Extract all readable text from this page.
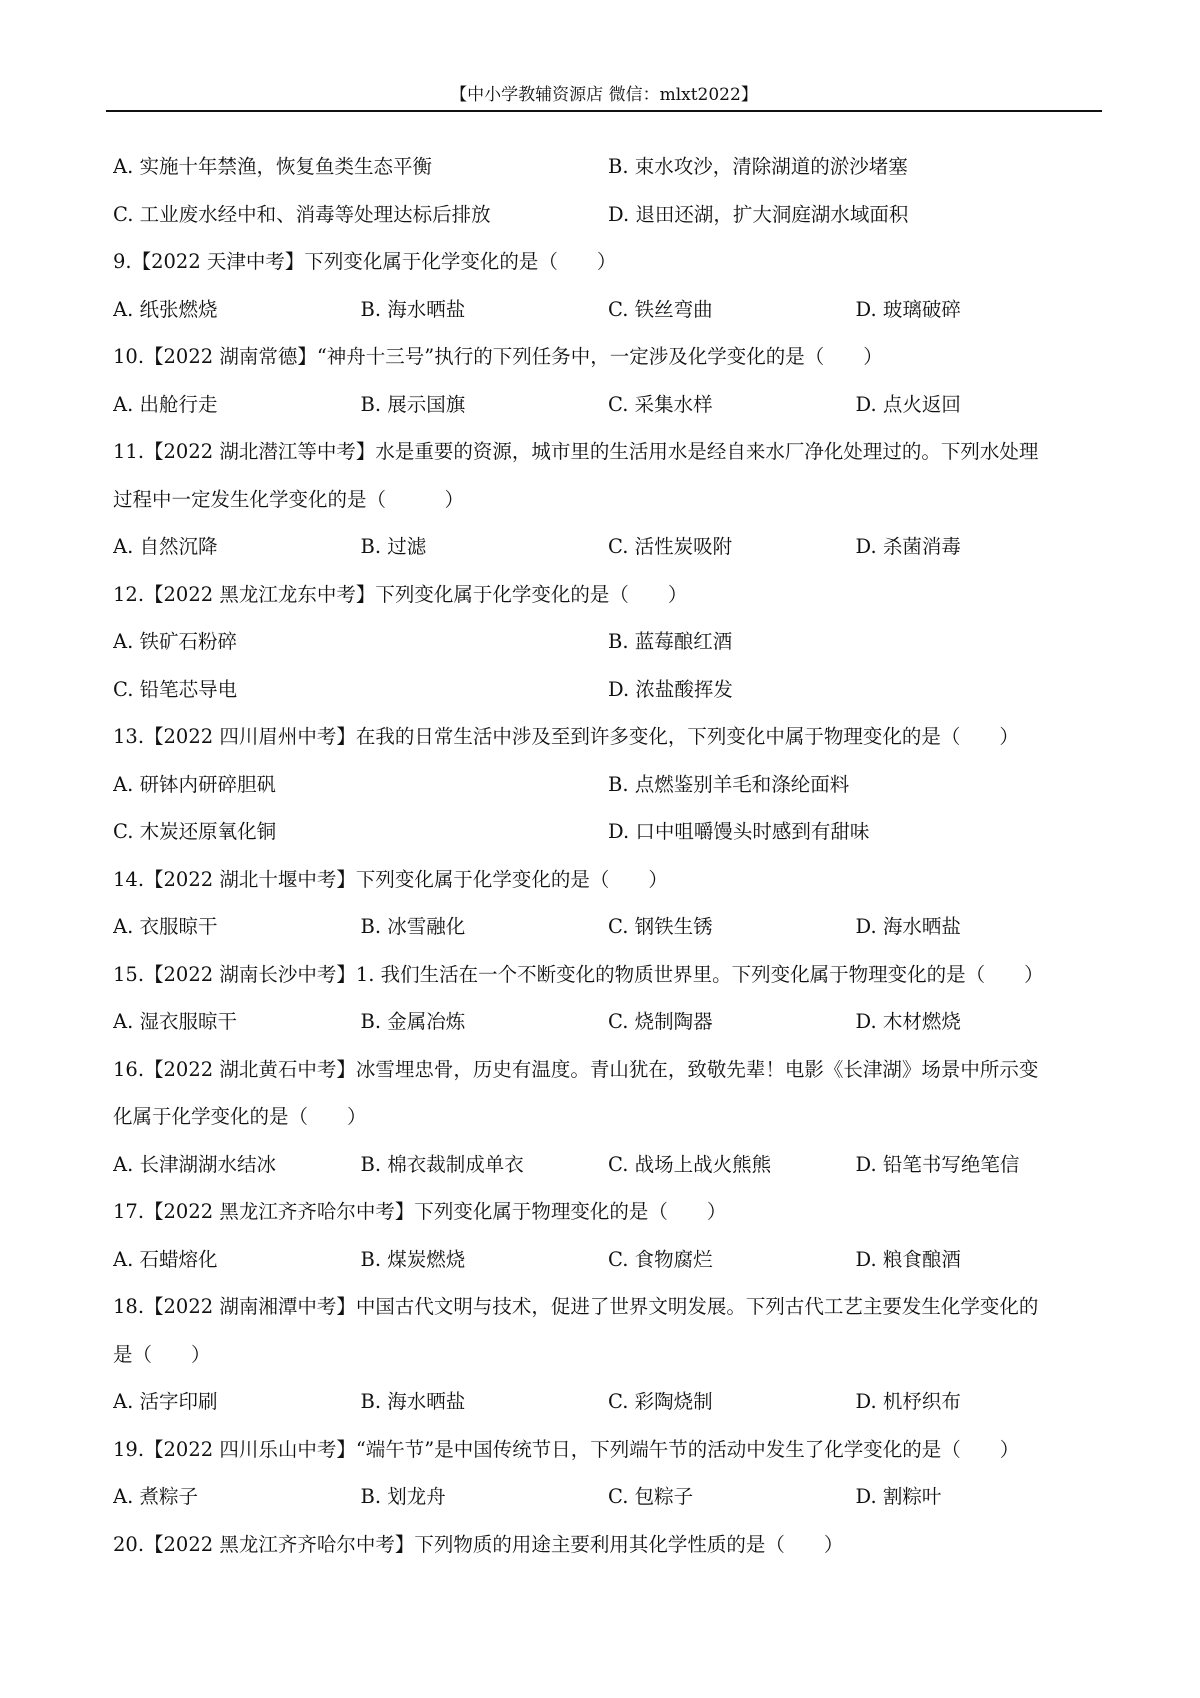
【中小学教辅资源店 微信：mlxt2022】
A. 实施十年禁渔，恢复鱼类生态平衡	B. 束水攻沙，清除湖道的淤沙堵塞
C. 工业废水经中和、消毒等处理达标后排放	D. 退田还湖，扩大洞庭湖水域面积
9.【2022 天津中考】下列变化属于化学变化的是（　　）
A. 纸张燃烧	B. 海水晒盐	C. 铁丝弯曲	D. 玻璃破碎
10.【2022 湖南常德】“神舟十三号”执行的下列任务中，一定涉及化学变化的是（　　）
A. 出舱行走	B. 展示国旗	C. 采集水样	D. 点火返回
11.【2022 湖北潜江等中考】水是重要的资源，城市里的生活用水是经自来水厂净化处理过的。下列水处理
过程中一定发生化学变化的是（　　　）
A. 自然沉降	B. 过滤	C. 活性炭吸附	D. 杀菌消毒
12.【2022 黑龙江龙东中考】下列变化属于化学变化的是（　　）
A. 铁矿石粉碎	B. 蓝莓酿红酒
C. 铅笔芯导电	D. 浓盐酸挥发
13.【2022 四川眉州中考】在我的日常生活中涉及至到许多变化，下列变化中属于物理变化的是（　　）
A. 研钵内研碎胆矾	B. 点燃鉴别羊毛和涤纶面料
C. 木炭还原氧化铜	D. 口中咀嚼馒头时感到有甜味
14.【2022 湖北十堰中考】下列变化属于化学变化的是（　　）
A. 衣服晾干	B. 冰雪融化	C. 钢铁生锈	D. 海水晒盐
15.【2022 湖南长沙中考】1. 我们生活在一个不断变化的物质世界里。下列变化属于物理变化的是（　　）
A. 湿衣服晾干	B. 金属冶炼	C. 烧制陶器	D. 木材燃烧
16.【2022 湖北黄石中考】冰雪埋忠骨，历史有温度。青山犹在，致敬先辈！电影《长津湖》场景中所示变
化属于化学变化的是（　　）
A. 长津湖湖水结冰	B. 棉衣裁制成单衣	C. 战场上战火熊熊	D. 铅笔书写绝笔信
17.【2022 黑龙江齐齐哈尔中考】下列变化属于物理变化的是（　　）
A. 石蜡熔化	B. 煤炭燃烧	C. 食物腐烂	D. 粮食酿酒
18.【2022 湖南湘潭中考】中国古代文明与技术，促进了世界文明发展。下列古代工艺主要发生化学变化的
是（　　）
A. 活字印刷	B. 海水晒盐	C. 彩陶烧制	D. 机杼织布
19.【2022 四川乐山中考】“端午节”是中国传统节日，下列端午节的活动中发生了化学变化的是（　　）
A. 煮粽子	B. 划龙舟	C. 包粽子	D. 割粽叶
20.【2022 黑龙江齐齐哈尔中考】下列物质的用途主要利用其化学性质的是（　　）
